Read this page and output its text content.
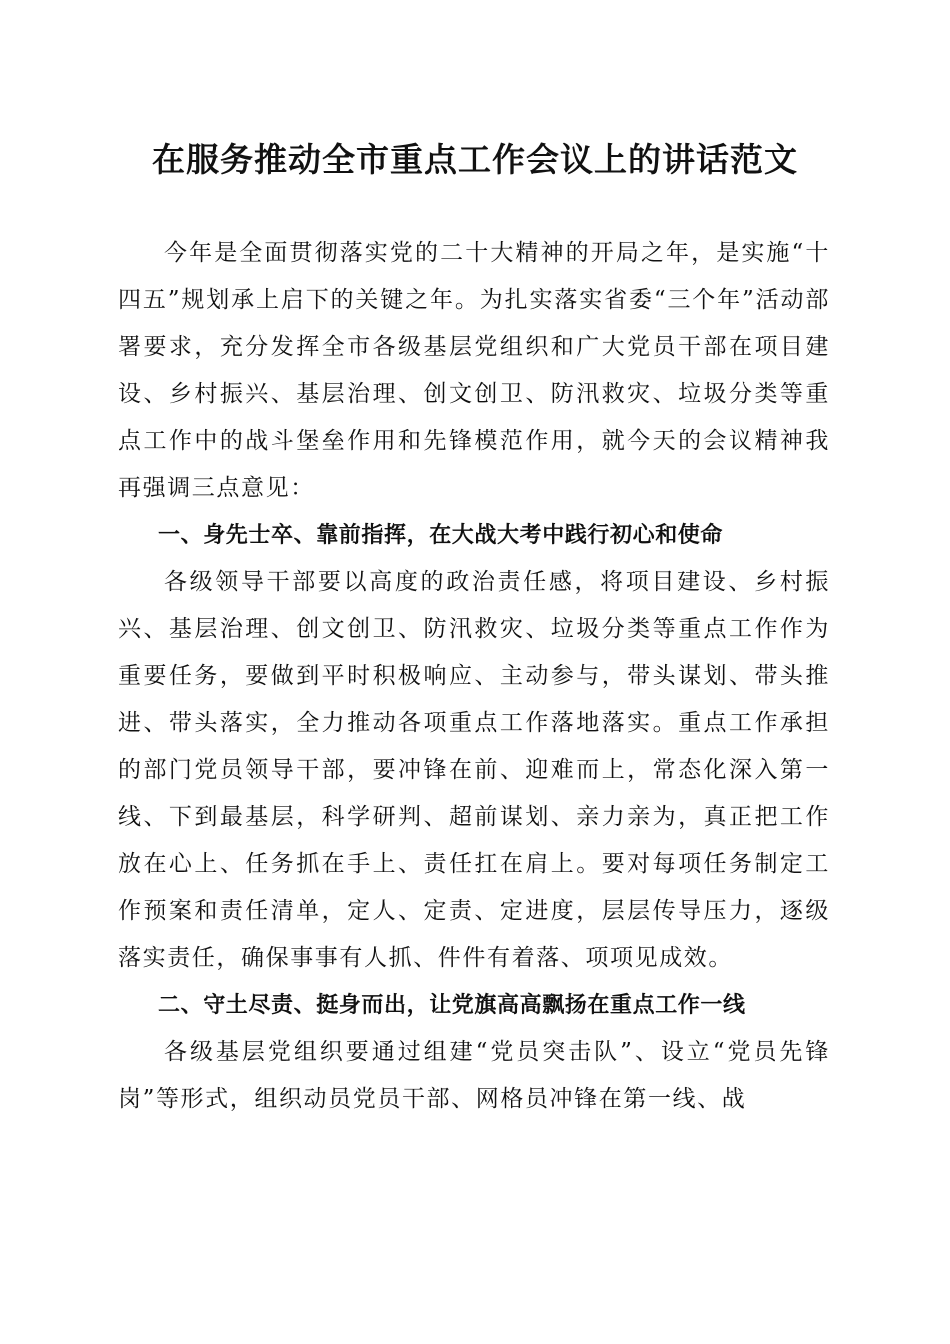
在服务推动全市重点工作会议上的讲话范文

今年是全面贯彻落实党的二十大精神的开局之年，是实施“十四五”规划承上启下的关键之年。为扎实落实省委“三个年”活动部署要求，充分发挥全市各级基层党组织和广大党员干部在项目建设、乡村振兴、基层治理、创文创卫、防汛救灾、垃圾分类等重点工作中的战斗堡垒作用和先锋模范作用，就今天的会议精神我再强调三点意见：

一、身先士卒、靠前指挥，在大战大考中践行初心和使命

各级领导干部要以高度的政治责任感，将项目建设、乡村振兴、基层治理、创文创卫、防汛救灾、垃圾分类等重点工作作为重要任务，要做到平时积极响应、主动参与，带头谋划、带头推进、带头落实，全力推动各项重点工作落地落实。重点工作承担的部门党员领导干部，要冲锋在前、迎难而上，常态化深入第一线、下到最基层，科学研判、超前谋划、亲力亲为，真正把工作放在心上、任务抓在手上、责任扛在肩上。要对每项任务制定工作预案和责任清单，定人、定责、定进度，层层传导压力，逐级落实责任，确保事事有人抓、件件有着落、项项见成效。

二、守土尽责、挺身而出，让党旗高高飘扬在重点工作一线

各级基层党组织要通过组建“党员突击队”、设立“党员先锋岗”等形式，组织动员党员干部、网格员冲锋在第一线、战
